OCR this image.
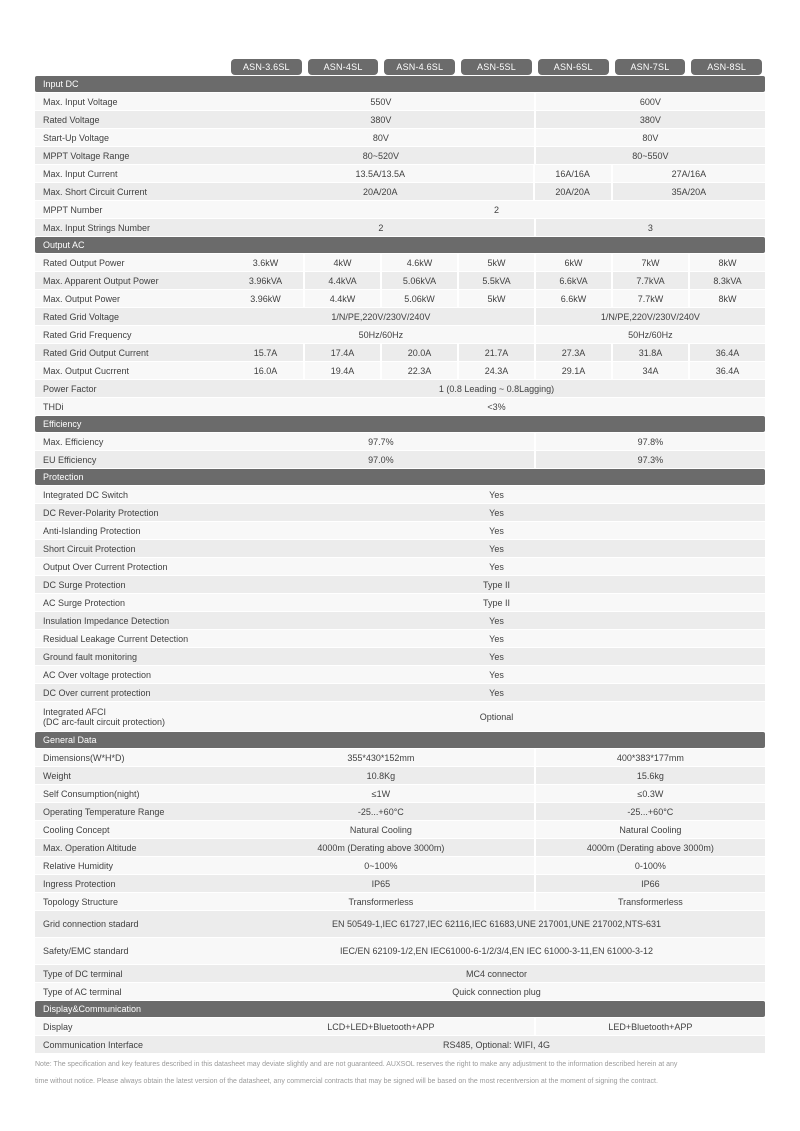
ASN-3.6SL	ASN-4SL	ASN-4.6SL	ASN-5SL	ASN-6SL	ASN-7SL	ASN-8SL
Input DC
Max. Input Voltage	550V	600V
Rated Voltage	380V	380V
Start-Up Voltage	80V	80V
MPPT Voltage Range	80~520V	80~550V
Max. Input Current	13.5A/13.5A	16A/16A	27A/16A
Max. Short Circuit Current	20A/20A	20A/20A	35A/20A
MPPT Number	2
Max. Input Strings Number	2	3
Output AC
Rated Output Power	3.6kW	4kW	4.6kW	5kW	6kW	7kW	8kW
Max. Apparent Output Power	3.96kVA	4.4kVA	5.06kVA	5.5kVA	6.6kVA	7.7kVA	8.3kVA
Max. Output Power	3.96kW	4.4kW	5.06kW	5kW	6.6kW	7.7kW	8kW
Rated Grid Voltage	1/N/PE,220V/230V/240V	1/N/PE,220V/230V/240V
Rated Grid Frequency	50Hz/60Hz	50Hz/60Hz
Rated Grid Output Current	15.7A	17.4A	20.0A	21.7A	27.3A	31.8A	36.4A
Max. Output Cucrrent	16.0A	19.4A	22.3A	24.3A	29.1A	34A	36.4A
Power Factor	1 (0.8 Leading ~ 0.8Lagging)
THDi	<3%
Efficiency
Max. Efficiency	97.7%	97.8%
EU Efficiency	97.0%	97.3%
Protection
Integrated DC Switch	Yes
DC Rever-Polarity Protection	Yes
Anti-Islanding Protection	Yes
Short Circuit Protection	Yes
Output Over Current Protection	Yes
DC Surge Protection	Type II
AC Surge Protection	Type II
Insulation Impedance Detection	Yes
Residual Leakage Current Detection	Yes
Ground fault monitoring	Yes
AC Over voltage protection	Yes
DC Over current protection	Yes
Integrated AFCI
(DC arc-fault circuit protection)	Optional
General Data
Dimensions(W*H*D)	355*430*152mm	400*383*177mm
Weight	10.8Kg	15.6kg
Self Consumption(night)	≤1W	≤0.3W
Operating Temperature Range	-25...+60°C	-25...+60°C
Cooling Concept	Natural Cooling	Natural Cooling
Max. Operation Altitude	4000m (Derating above 3000m)	4000m (Derating above 3000m)
Relative Humidity	0~100%	0-100%
Ingress Protection	IP65	IP66
Topology Structure	Transformerless	Transformerless
Grid connection stadard	EN 50549-1,IEC 61727,IEC 62116,IEC 61683,UNE 217001,UNE 217002,NTS-631
Safety/EMC standard	IEC/EN 62109-1/2,EN IEC61000-6-1/2/3/4,EN IEC 61000-3-11,EN 61000-3-12
Type of DC terminal	MC4 connector
Type of AC terminal	Quick connection plug
Display&Communication
Display	LCD+LED+Bluetooth+APP	LED+Bluetooth+APP
Communication Interface	RS485, Optional: WIFI, 4G
Note: The specification and key features described in this datasheet may deviate slightly and are not guaranteed. AUXSOL reserves the right to make any adjustment to the information described herein at any
time without notice. Please always obtain the latest version of the datasheet, any commercial contracts that may be signed will be based on the most recentversion at the moment of signing the contract.
